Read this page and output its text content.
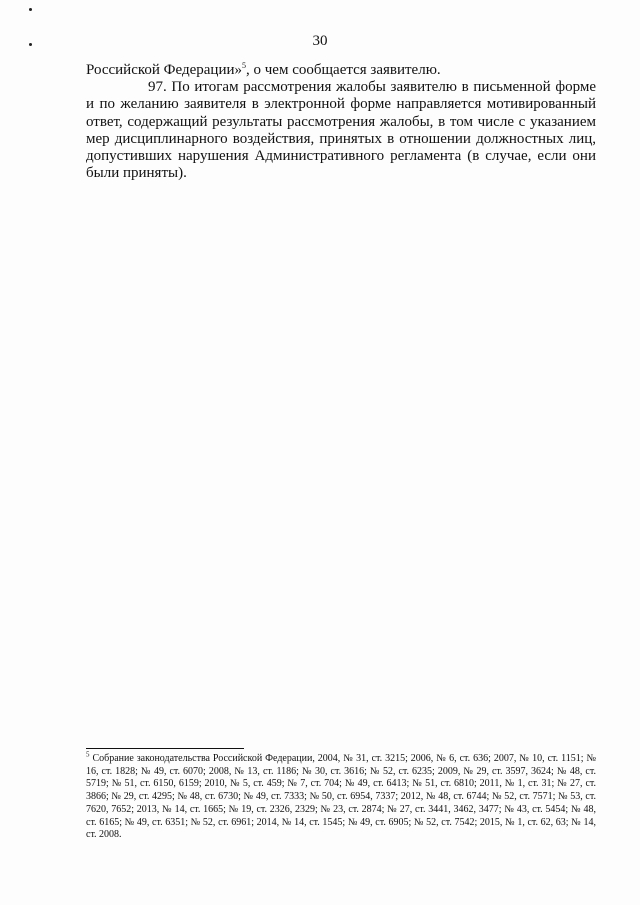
30

Российской Федерации»$^5$, о чем сообщается заявителю.

97. По итогам рассмотрения жалобы заявителю в письменной форме и по желанию заявителя в электронной форме направляется мотивированный ответ, содержащий результаты рассмотрения жалобы, в том числе с указанием мер дисциплинарного воздействия, принятых в отношении должностных лиц, допустивших нарушения Административного регламента (в случае, если они были приняты).

$^5$ Собрание законодательства Российской Федерации, 2004, № 31, ст. 3215; 2006, № 6, ст. 636; 2007, № 10, ст. 1151; № 16, ст. 1828; № 49, ст. 6070; 2008, № 13, ст. 1186; № 30, ст. 3616; № 52, ст. 6235; 2009, № 29, ст. 3597, 3624; № 48, ст. 5719; № 51, ст. 6150, 6159; 2010, № 5, ст. 459; № 7, ст. 704; № 49, ст. 6413; № 51, ст. 6810; 2011, № 1, ст. 31; № 27, ст. 3866; № 29, ст. 4295; № 48, ст. 6730; № 49, ст. 7333; № 50, ст. 6954, 7337; 2012, № 48, ст. 6744; № 52, ст. 7571; № 53, ст. 7620, 7652; 2013, № 14, ст. 1665; № 19, ст. 2326, 2329; № 23, ст. 2874; № 27, ст. 3441, 3462, 3477; № 43, ст. 5454; № 48, ст. 6165; № 49, ст. 6351; № 52, ст. 6961; 2014, № 14, ст. 1545; № 49, ст. 6905; № 52, ст. 7542; 2015, № 1, ст. 62, 63; № 14, ст. 2008.
